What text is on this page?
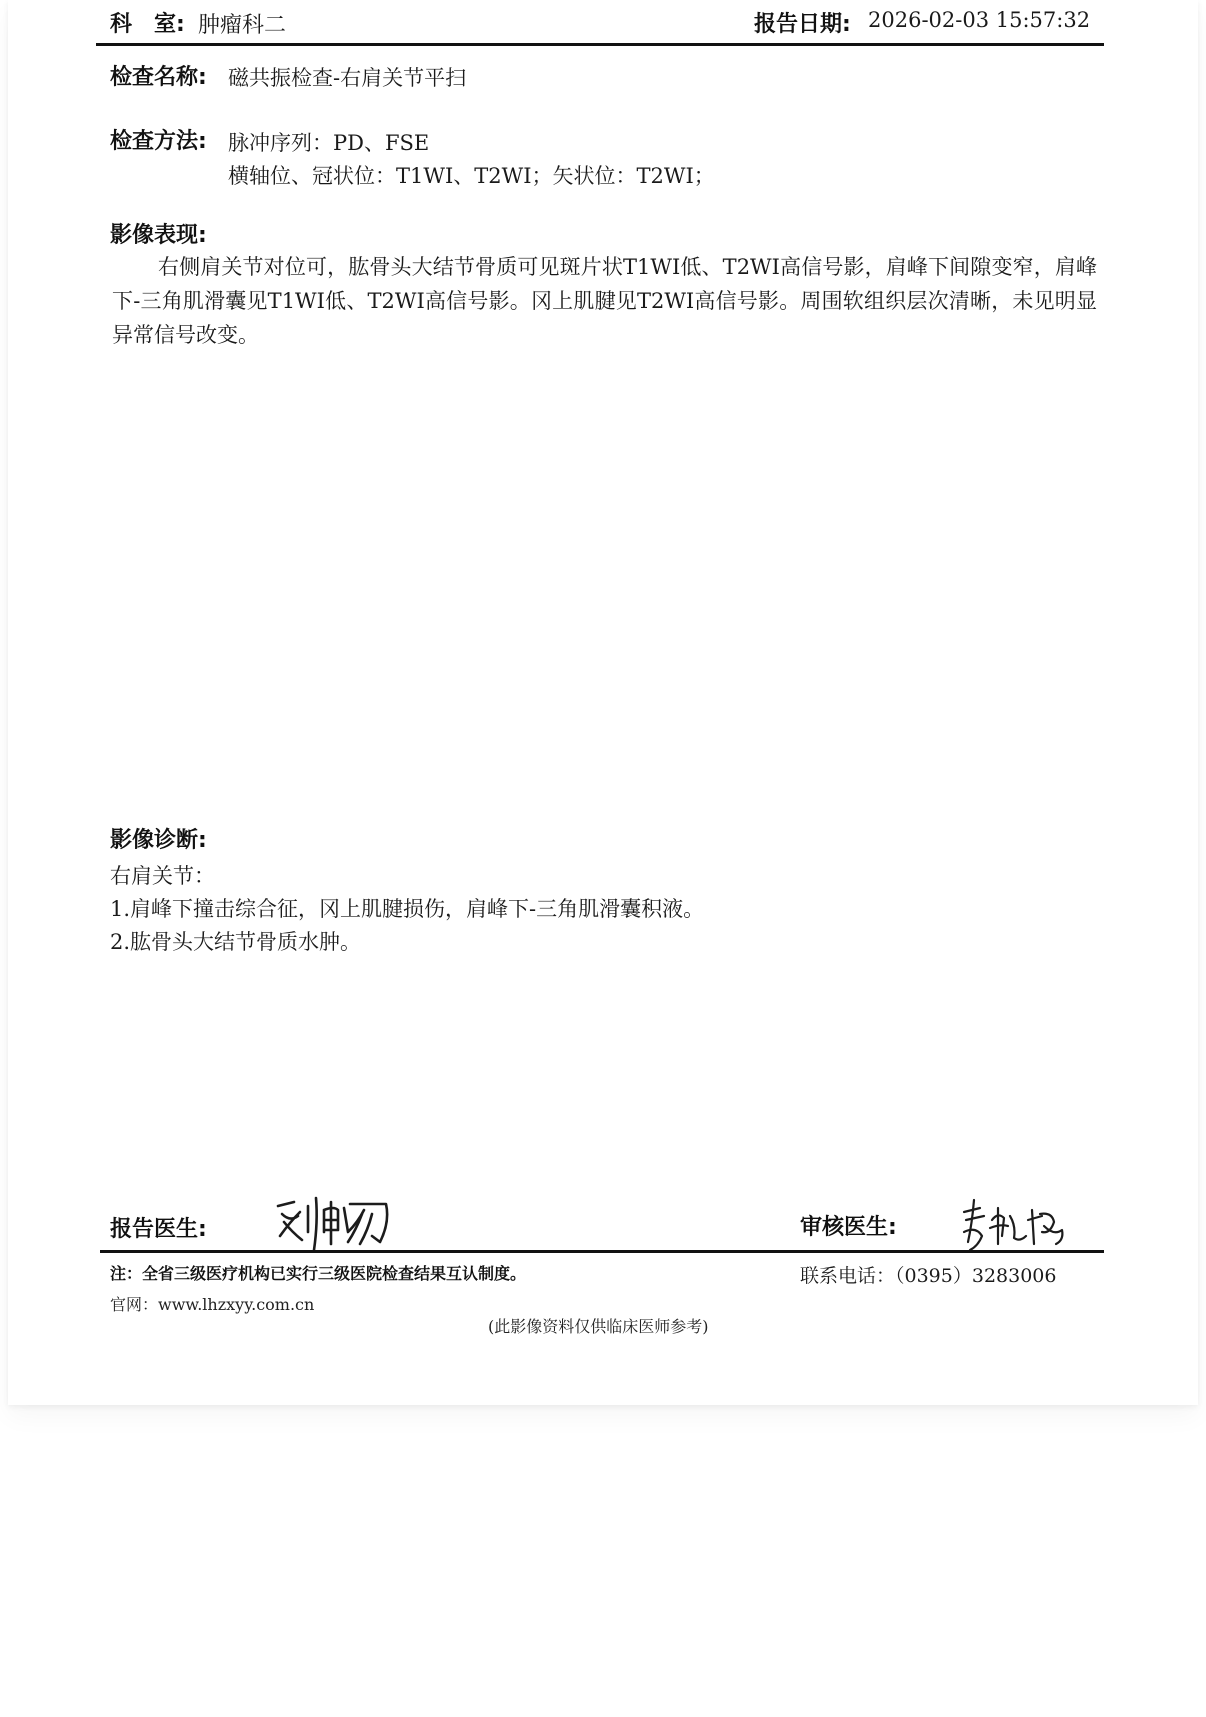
科　室: 肿瘤科二	报告日期: 2026-02-03 15:57:32
检查名称: 磁共振检查-右肩关节平扫
检查方法: 脉冲序列：PD、FSE
横轴位、冠状位：T1WI、T2WI；矢状位：T2WI；
影像表现:
右侧肩关节对位可，肱骨头大结节骨质可见斑片状T1WI低、T2WI高信号影，肩峰下间隙变窄，肩峰下-三角肌滑囊见T1WI低、T2WI高信号影。冈上肌腱见T2WI高信号影。周围软组织层次清晰，未见明显异常信号改变。
影像诊断:
右肩关节：
1.肩峰下撞击综合征，冈上肌腱损伤，肩峰下-三角肌滑囊积液。
2.肱骨头大结节骨质水肿。
报告医生:	审核医生:
注：全省三级医疗机构已实行三级医院检查结果互认制度。	联系电话：（0395）3283006
官网：www.lhzxyy.com.cn
(此影像资料仅供临床医师参考)
